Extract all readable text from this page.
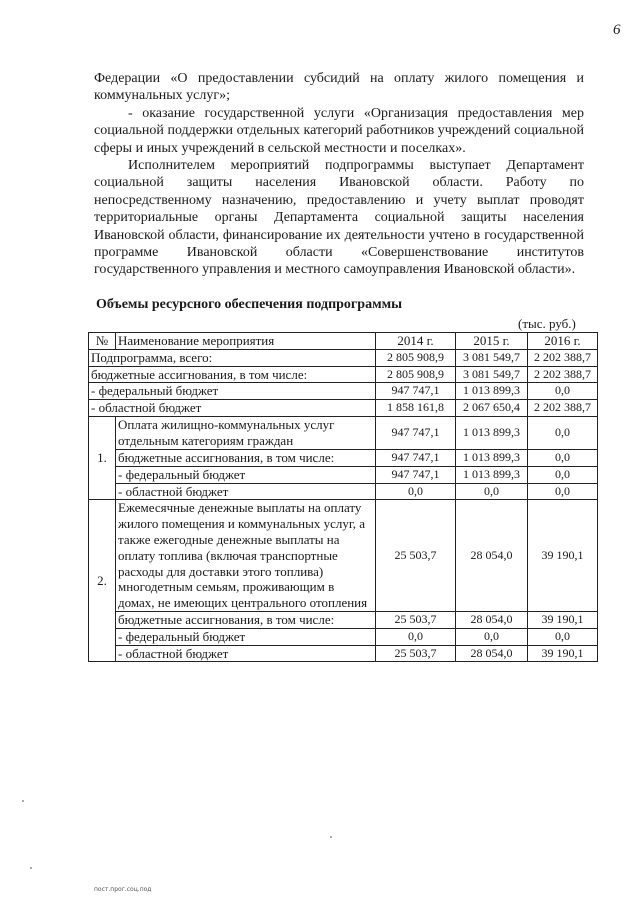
6

Федерации «О предоставлении субсидий на оплату жилого помещения и коммунальных услуг»;

- оказание государственной услуги «Организация предоставления мер социальной поддержки отдельных категорий работников учреждений социальной сферы и иных учреждений в сельской местности и поселках».

Исполнителем мероприятий подпрограммы выступает Департамент социальной защиты населения Ивановской области. Работу по непосредственному назначению, предоставлению и учету выплат проводят территориальные органы Департамента социальной защиты населения Ивановской области, финансирование их деятельности учтено в государственной программе Ивановской области «Совершенствование институтов государственного управления и местного самоуправления Ивановской области».

Объемы ресурсного обеспечения подпрограммы
(тыс. руб.)
№	Наименование мероприятия	2014 г.	2015 г.	2016 г.
Подпрограмма, всего:		2 805 908,9	3 081 549,7	2 202 388,7
бюджетные ассигнования, в том числе:		2 805 908,9	3 081 549,7	2 202 388,7
- федеральный бюджет		947 747,1	1 013 899,3	0,0
- областной бюджет		1 858 161,8	2 067 650,4	2 202 388,7
1.	Оплата жилищно-коммунальных услуг отдельным категориям граждан	947 747,1	1 013 899,3	0,0
	бюджетные ассигнования, в том числе:	947 747,1	1 013 899,3	0,0
	- федеральный бюджет	947 747,1	1 013 899,3	0,0
	- областной бюджет	0,0	0,0	0,0
2.	Ежемесячные денежные выплаты на оплату жилого помещения и коммунальных услуг, а также ежегодные денежные выплаты на оплату топлива (включая транспортные расходы для доставки этого топлива) многодетным семьям, проживающим в домах, не имеющих центрального отопления	25 503,7	28 054,0	39 190,1
	бюджетные ассигнования, в том числе:	25 503,7	28 054,0	39 190,1
	- федеральный бюджет	0,0	0,0	0,0
	- областной бюджет	25 503,7	28 054,0	39 190,1
пост.прог.соц.под
